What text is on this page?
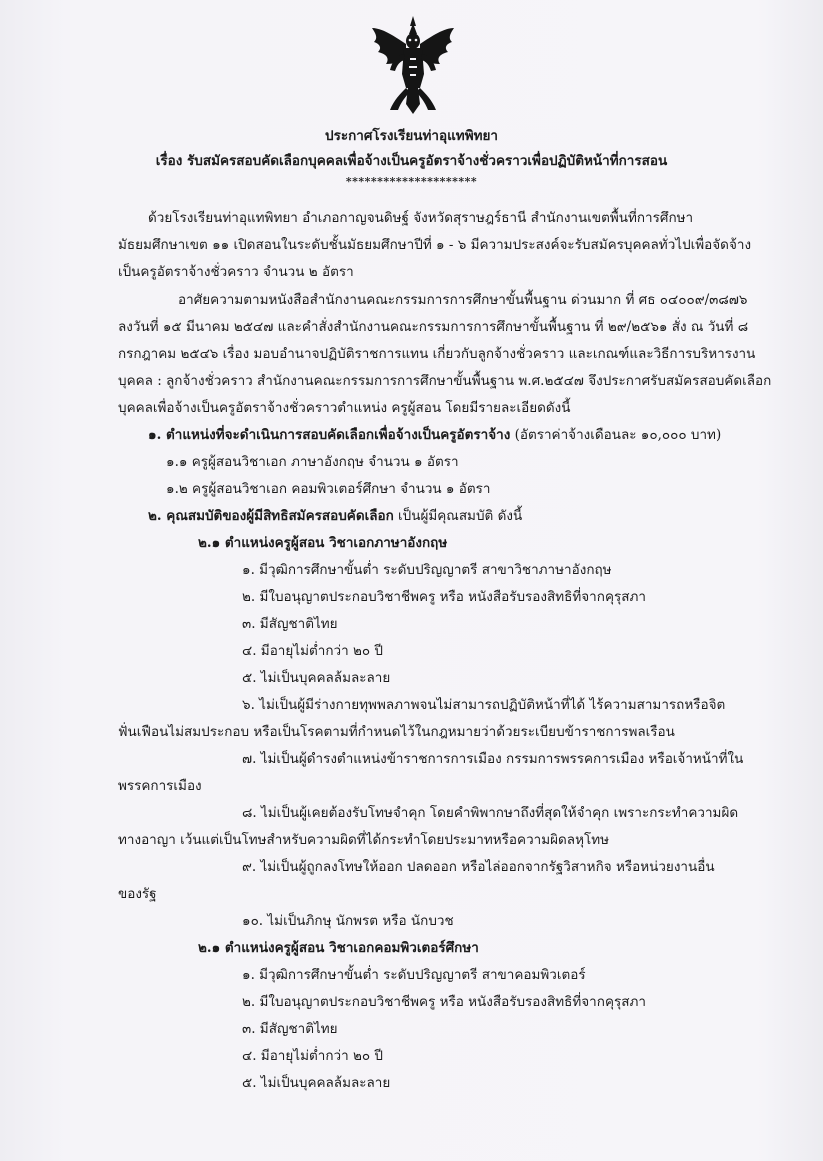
ประกาศโรงเรียนท่าอุแทพิทยา
เรื่อง รับสมัครสอบคัดเลือกบุคคลเพื่อจ้างเป็นครูอัตราจ้างชั่วคราวเพื่อปฏิบัติหน้าที่การสอน
*********************
ด้วยโรงเรียนท่าอุแทพิทยา อำเภอกาญจนดิษฐ์ จังหวัดสุราษฎร์ธานี สำนักงานเขตพื้นที่การศึกษา
มัธยมศึกษาเขต ๑๑ เปิดสอนในระดับชั้นมัธยมศึกษาปีที่ ๑ - ๖ มีความประสงค์จะรับสมัครบุคคลทั่วไปเพื่อจัดจ้าง
เป็นครูอัตราจ้างชั่วคราว จำนวน ๒ อัตรา
อาศัยความตามหนังสือสำนักงานคณะกรรมการการศึกษาขั้นพื้นฐาน ด่วนมาก ที่ ศธ ๐๔๐๐๙/๓๘๗๖
ลงวันที่ ๑๕ มีนาคม ๒๕๔๗ และคำสั่งสำนักงานคณะกรรมการการศึกษาขั้นพื้นฐาน ที่ ๒๙/๒๕๖๑ สั่ง ณ วันที่ ๘
กรกฎาคม ๒๕๔๖ เรื่อง มอบอำนาจปฏิบัติราชการแทน เกี่ยวกับลูกจ้างชั่วคราว และเกณฑ์และวิธีการบริหารงาน
บุคคล : ลูกจ้างชั่วคราว สำนักงานคณะกรรมการการศึกษาขั้นพื้นฐาน พ.ศ.๒๕๔๗ จึงประกาศรับสมัครสอบคัดเลือก
บุคคลเพื่อจ้างเป็นครูอัตราจ้างชั่วคราวตำแหน่ง ครูผู้สอน โดยมีรายละเอียดดังนี้
๑. ตำแหน่งที่จะดำเนินการสอบคัดเลือกเพื่อจ้างเป็นครูอัตราจ้าง (อัตราค่าจ้างเดือนละ ๑๐,๐๐๐ บาท)
๑.๑ ครูผู้สอนวิชาเอก ภาษาอังกฤษ จำนวน ๑ อัตรา
๑.๒ ครูผู้สอนวิชาเอก คอมพิวเตอร์ศึกษา จำนวน ๑ อัตรา
๒. คุณสมบัติของผู้มีสิทธิสมัครสอบคัดเลือก เป็นผู้มีคุณสมบัติ ดังนี้
๒.๑ ตำแหน่งครูผู้สอน วิชาเอกภาษาอังกฤษ
๑. มีวุฒิการศึกษาขั้นต่ำ ระดับปริญญาตรี สาขาวิชาภาษาอังกฤษ
๒. มีใบอนุญาตประกอบวิชาชีพครู หรือ หนังสือรับรองสิทธิที่จากคุรุสภา
๓. มีสัญชาติไทย
๔. มีอายุไม่ต่ำกว่า ๒๐ ปี
๕. ไม่เป็นบุคคลล้มละลาย
๖. ไม่เป็นผู้มีร่างกายทุพพลภาพจนไม่สามารถปฏิบัติหน้าที่ได้ ไร้ความสามารถหรือจิต
ฟั่นเฟือนไม่สมประกอบ หรือเป็นโรคตามที่กำหนดไว้ในกฎหมายว่าด้วยระเบียบข้าราชการพลเรือน
๗. ไม่เป็นผู้ดำรงตำแหน่งข้าราชการการเมือง กรรมการพรรคการเมือง หรือเจ้าหน้าที่ใน
พรรคการเมือง
๘. ไม่เป็นผู้เคยต้องรับโทษจำคุก โดยคำพิพากษาถึงที่สุดให้จำคุก เพราะกระทำความผิด
ทางอาญา เว้นแต่เป็นโทษสำหรับความผิดที่ได้กระทำโดยประมาทหรือความผิดลหุโทษ
๙. ไม่เป็นผู้ถูกลงโทษให้ออก ปลดออก หรือไล่ออกจากรัฐวิสาหกิจ หรือหน่วยงานอื่น
ของรัฐ
๑๐. ไม่เป็นภิกษุ นักพรต หรือ นักบวช
๒.๑ ตำแหน่งครูผู้สอน วิชาเอกคอมพิวเตอร์ศึกษา
๑. มีวุฒิการศึกษาขั้นต่ำ ระดับปริญญาตรี สาขาคอมพิวเตอร์
๒. มีใบอนุญาตประกอบวิชาชีพครู หรือ หนังสือรับรองสิทธิที่จากคุรุสภา
๓. มีสัญชาติไทย
๔. มีอายุไม่ต่ำกว่า ๒๐ ปี
๕. ไม่เป็นบุคคลล้มละลาย
